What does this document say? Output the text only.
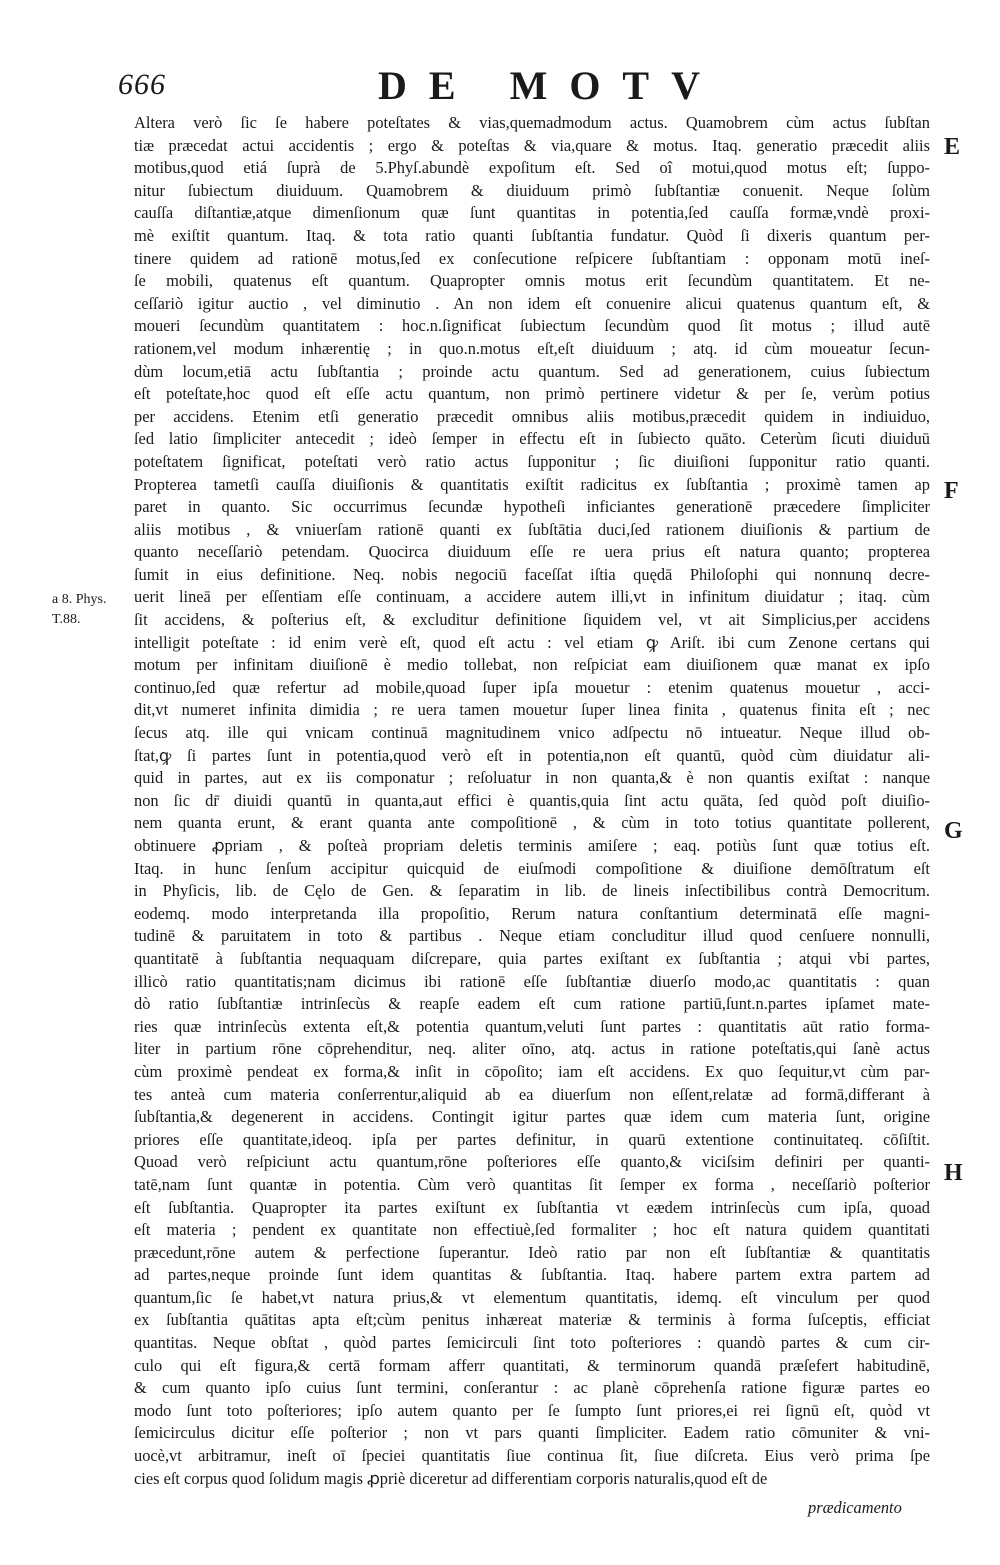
666	DE MOTV
a 8. Phys.
T.88.
E
F
G
H
Altera verò ſic ſe habere poteſtates & vias,quemadmodum actus. Quamobrem cùm actus ſubſtan
tiæ præcedat actui accidentis ; ergo & poteſtas & via,quare & motus. Itaq. generatio præcedit aliis
motibus,quod etiá ſuprà de 5.Phyſ.abundè expoſitum eſt. Sed oî motui,quod motus eſt; ſuppo-
nitur ſubiectum diuiduum. Quamobrem & diuiduum primò ſubſtantiæ conuenit. Neque ſolùm
cauſſa diſtantiæ,atque dimenſionum quæ ſunt quantitas in potentia,ſed cauſſa formæ,vndè proxi-
mè exiſtit quantum. Itaq. & tota ratio quanti ſubſtantia fundatur. Quòd ſi dixeris quantum per-
tinere quidem ad rationē motus,ſed ex conſecutione reſpicere ſubſtantiam : opponam motū ineſ-
ſe mobili, quatenus eſt quantum. Quapropter omnis motus erit ſecundùm quantitatem. Et ne-
ceſſariò igitur auctio , vel diminutio . An non idem eſt conuenire alicui quatenus quantum eſt, &
moueri ſecundùm quantitatem : hoc.n.ſignificat ſubiectum ſecundùm quod ſit motus ; illud autē
rationem,vel modum inhærentię ; in quo.n.motus eſt,eſt diuiduum ; atq. id cùm moueatur ſecun-
dùm locum,etiā actu ſubſtantia ; proinde actu quantum. Sed ad generationem, cuius ſubiectum
eſt poteſtate,hoc quod eſt eſſe actu quantum, non primò pertinere videtur & per ſe, verùm potius
per accidens. Etenim etſi generatio præcedit omnibus aliis motibus,præcedit quidem in indiuiduo,
ſed latio ſimpliciter antecedit ; ideò ſemper in effectu eſt in ſubiecto quāto. Ceterùm ſicuti diuiduū
poteſtatem ſignificat, poteſtati verò ratio actus ſupponitur ; ſic diuiſioni ſupponitur ratio quanti.
Propterea tametſi cauſſa diuiſionis & quantitatis exiſtit radicitus ex ſubſtantia ; proximè tamen ap
paret in quanto. Sic occurrimus ſecundæ hypotheſi inficiantes generationē præcedere ſimpliciter
aliis motibus , & vniuerſam rationē quanti ex ſubſtātia duci,ſed rationem diuiſionis & partium de
quanto neceſſariò petendam. Quocirca diuiduum eſſe re uera prius eſt natura quanto; propterea
ſumit in eius definitione. Neq. nobis negociū faceſſat iſtia quędā Philoſophi qui nonnunq decre-
uerit lineā per eſſentiam eſſe continuam, a accidere autem illi,vt in infinitum diuidatur ; itaq. cùm
ſit accidens, & poſterius eſt, & excluditur definitione ſiquidem vel, vt ait Simplicius,per accidens
intelligit poteſtate : id enim verè eſt, quod eſt actu : vel etiam ꝙ Ariſt. ibi cum Zenone certans qui
motum per infinitam diuiſionē è medio tollebat, non reſpiciat eam diuiſionem quæ manat ex ipſo
continuo,ſed quæ refertur ad mobile,quoad ſuper ipſa mouetur : etenim quatenus mouetur , acci-
dit,vt numeret infinita dimidia ; re uera tamen mouetur ſuper linea finita , quatenus finita eſt ; nec
ſecus atq. ille qui vnicam continuā magnitudinem vnico adſpectu nō intueatur. Neque illud ob-
ſtat,ꝙ ſi partes ſunt in potentia,quod verò eſt in potentia,non eſt quantū, quòd cùm diuidatur ali-
quid in partes, aut ex iis componatur ; reſoluatur in non quanta,& è non quantis exiſtat : nanque
non ſic dr̄ diuidi quantū in quanta,aut effici è quantis,quia ſint actu quāta, ſed quòd poſt diuiſio-
nem quanta erunt, & erant quanta ante compoſitionē , & cùm in toto totius quantitate pollerent,
obtinuere ꝓpriam , & poſteà propriam deletis terminis amiſere ; eaq. potiùs ſunt quæ totius eſt.
Itaq. in hunc ſenſum accipitur quicquid de eiuſmodi compoſitione & diuiſione demōſtratum eſt
in Phyſicis, lib. de Cęlo de Gen. & ſeparatim in lib. de lineis inſectibilibus contrà Democritum.
eodemq. modo interpretanda illa propoſitio, Rerum natura conſtantium determinatā eſſe magni-
tudinē & paruitatem in toto & partibus . Neque etiam concluditur illud quod cenſuere nonnulli,
quantitatē à ſubſtantia nequaquam diſcrepare, quia partes exiſtant ex ſubſtantia ; atqui vbi partes,
illicò ratio quantitatis;nam dicimus ibi rationē eſſe ſubſtantiæ diuerſo modo,ac quantitatis : quan
dò ratio ſubſtantiæ intrinſecùs & reapſe eadem eſt cum ratione partiū,ſunt.n.partes ipſamet mate-
ries quæ intrinſecùs extenta eſt,& potentia quantum,veluti ſunt partes : quantitatis aūt ratio forma-
liter in partium rōne cōprehenditur, neq. aliter oīno, atq. actus in ratione poteſtatis,qui ſanè actus
cùm proximè pendeat ex forma,& inſit in cōpoſito; iam eſt accidens. Ex quo ſequitur,vt cùm par-
tes anteà cum materia conſerrentur,aliquid ab ea diuerſum non eſſent,relatæ ad formā,differant à
ſubſtantia,& degenerent in accidens. Contingit igitur partes quæ idem cum materia ſunt, origine
priores eſſe quantitate,ideoq. ipſa per partes definitur, in quarū extentione continuitateq. cōſiſtit.
Quoad verò reſpiciunt actu quantum,rōne poſteriores eſſe quanto,& viciſsim definiri per quanti-
tatē,nam ſunt quantæ in potentia. Cùm verò quantitas ſit ſemper ex forma , neceſſariò poſterior
eſt ſubſtantia. Quapropter ita partes exiſtunt ex ſubſtantia vt eædem intrinſecùs cum ipſa, quoad
eſt materia ; pendent ex quantitate non effectiuè,ſed formaliter ; hoc eſt natura quidem quantitati
præcedunt,rōne autem & perfectione ſuperantur. Ideò ratio par non eſt ſubſtantiæ & quantitatis
ad partes,neque proinde ſunt idem quantitas & ſubſtantia. Itaq. habere partem extra partem ad
quantum,ſic ſe habet,vt natura prius,& vt elementum quantitatis, idemq. eſt vinculum per quod
ex ſubſtantia quātitas apta eſt;cùm penitus inhæreat materiæ & terminis à forma ſuſceptis, efficiat
quantitas. Neque obſtat , quòd partes ſemicirculi ſint toto poſteriores : quandò partes & cum cir-
culo qui eſt figura,& certā formam afferr quantitati, & terminorum quandā præſefert habitudinē,
& cum quanto ipſo cuius ſunt termini, conſerantur : ac planè cōprehenſa ratione figuræ partes eo
modo ſunt toto poſteriores; ipſo autem quanto per ſe ſumpto ſunt priores,ei rei ſignū eſt, quòd vt
ſemicirculus dicitur eſſe poſterior ; non vt pars quanti ſimpliciter. Eadem ratio cōmuniter & vni-
uocè,vt arbitramur, ineſt oī ſpeciei quantitatis ſiue continua ſit, ſiue diſcreta. Eius verò prima ſpe
cies eſt corpus quod ſolidum magis ꝓpriè diceretur ad differentiam corporis naturalis,quod eſt de
prædicamento
